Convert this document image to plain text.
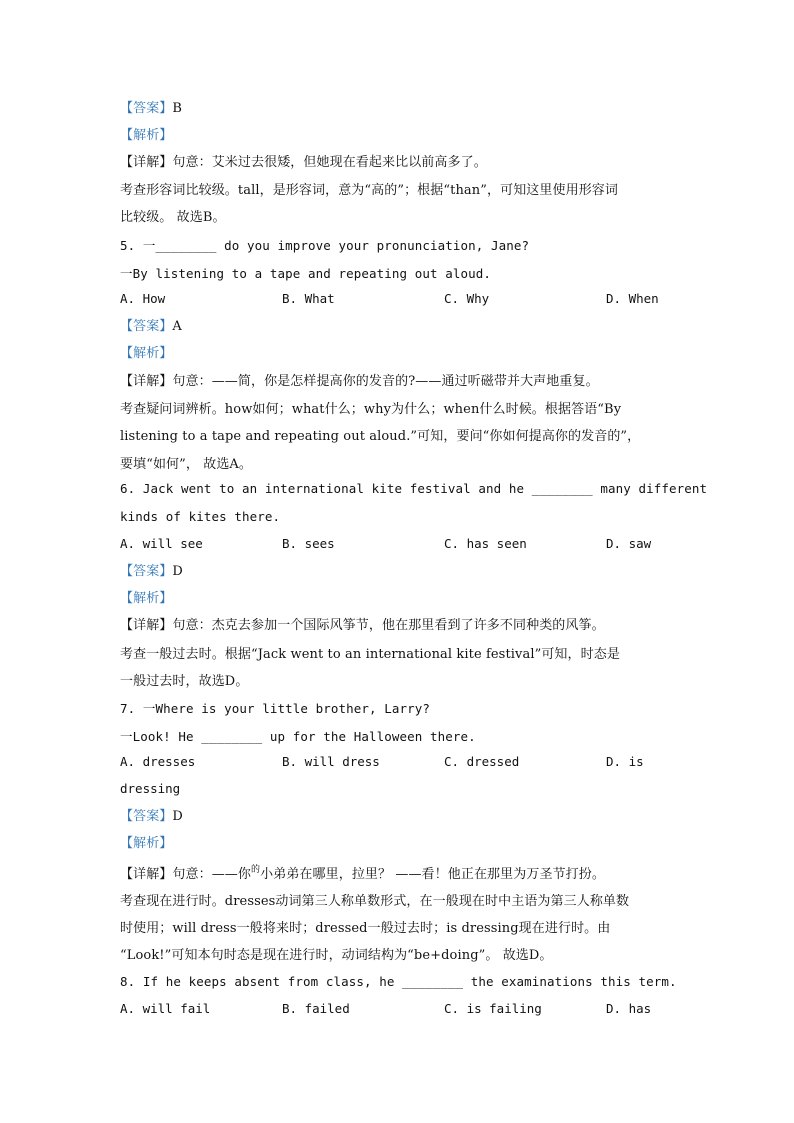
【答案】B
【解析】
【详解】句意：艾米过去很矮，但她现在看起来比以前高多了。
考查形容词比较级。tall，是形容词，意为“高的”；根据“than”，可知这里使用形容词
比较级。 故选B。
5. 一________ do you improve your pronunciation, Jane?
一By listening to a tape and repeating out aloud.
A. How	B. What	C. Why	D. When
【答案】A
【解析】
【详解】句意：——简，你是怎样提高你的发音的?——通过听磁带并大声地重复。
考查疑问词辨析。how如何；what什么；why为什么；when什么时候。根据答语“By
listening to a tape and repeating out aloud.”可知，要问“你如何提高你的发音的”，
要填“如何”， 故选A。
6. Jack went to an international kite festival and he ________ many different
kinds of kites there.
A. will see	B. sees	C. has seen	D. saw
【答案】D
【解析】
【详解】句意：杰克去参加一个国际风筝节，他在那里看到了许多不同种类的风筝。
考查一般过去时。根据“Jack went to an international kite festival”可知，时态是
一般过去时，故选D。
7. 一Where is your little brother, Larry?
一Look! He ________ up for the Halloween there.
A. dresses	B. will dress	C. dressed	D. is
dressing
【答案】D
【解析】
【详解】句意：——你$^的$小弟弟在哪里，拉里？ ——看！他正在那里为万圣节打扮。
考查现在进行时。dresses动词第三人称单数形式，在一般现在时中主语为第三人称单数
时使用；will dress一般将来时；dressed一般过去时；is dressing现在进行时。由
“Look!”可知本句时态是现在进行时，动词结构为“be+doing”。 故选D。
8. If he keeps absent from class, he ________ the examinations this term.
A. will fail	B. failed	C. is failing	D. has
